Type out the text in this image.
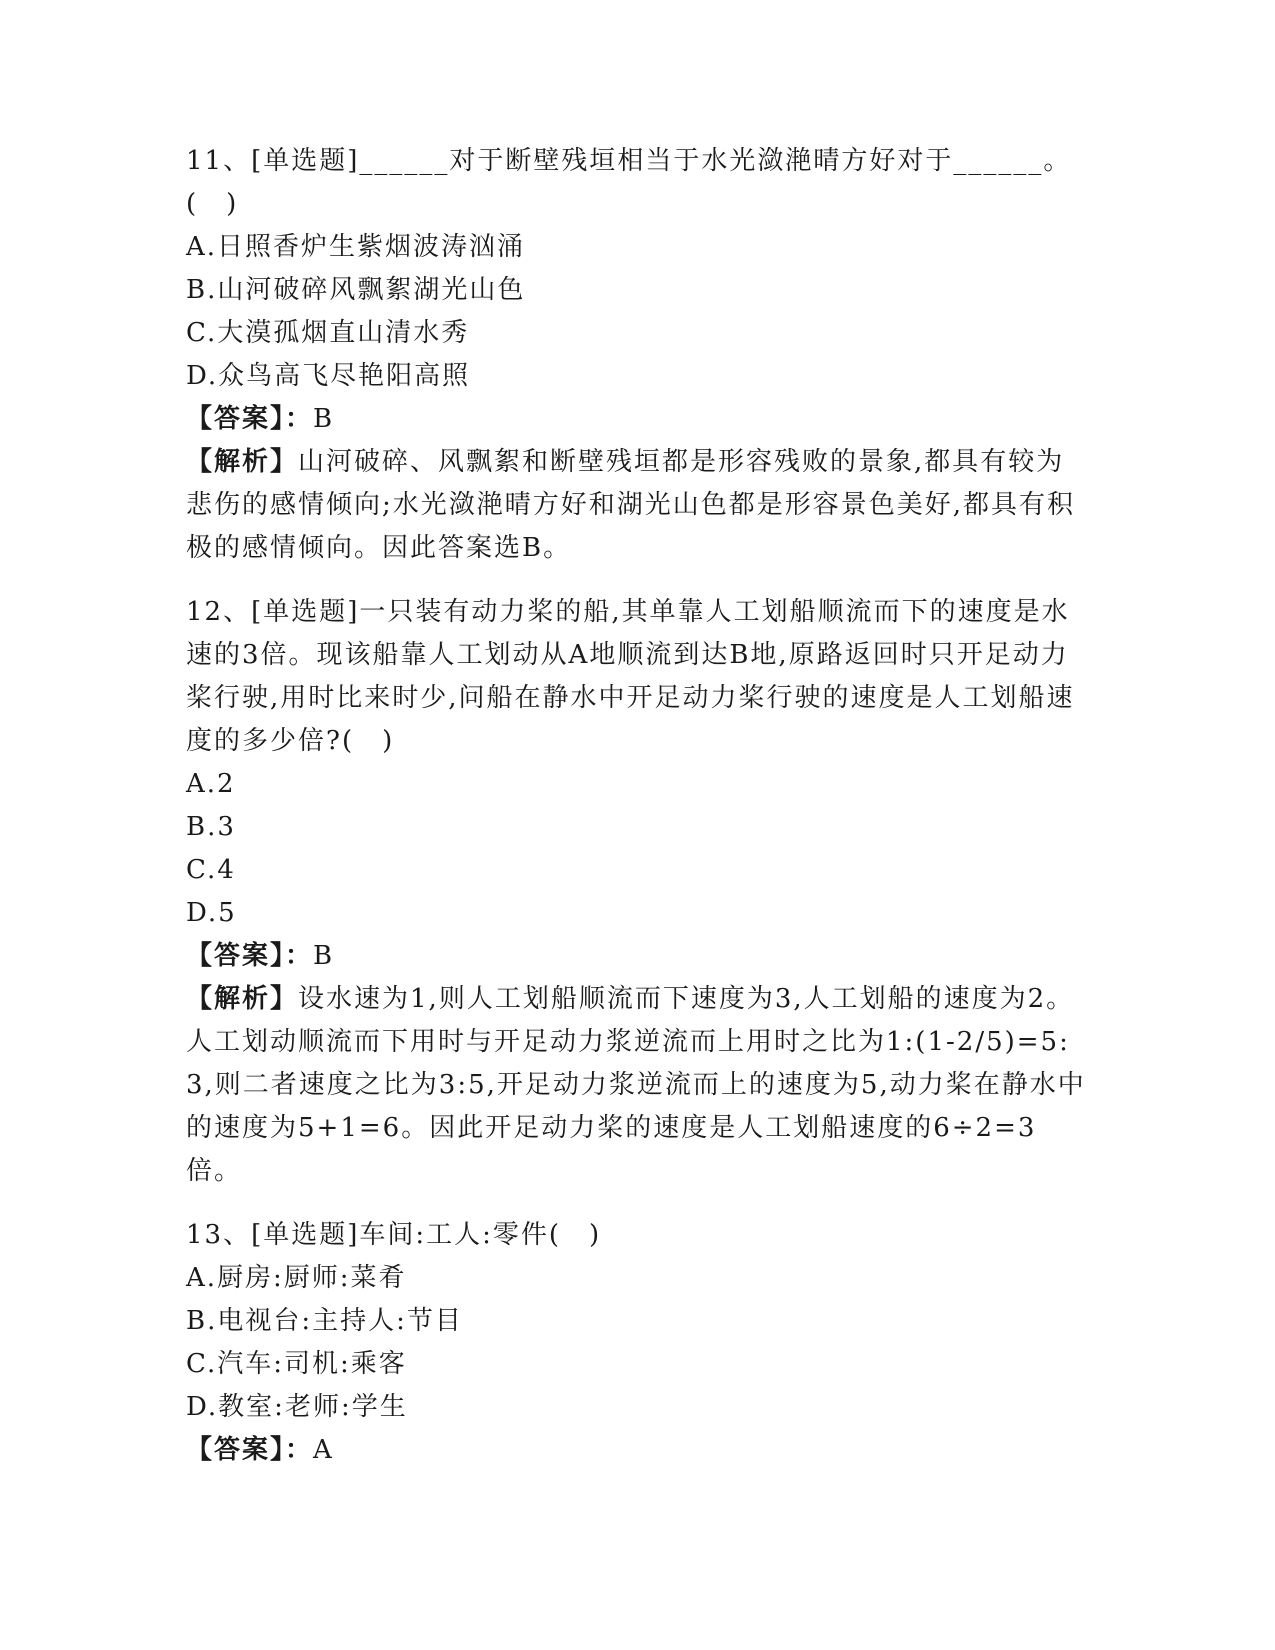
11、[单选题]______对于断壁残垣相当于水光潋滟晴方好对于______。(　)
A.日照香炉生紫烟波涛汹涌
B.山河破碎风飘絮湖光山色
C.大漠孤烟直山清水秀
D.众鸟高飞尽艳阳高照
【答案】：B
【解析】山河破碎、风飘絮和断壁残垣都是形容残败的景象,都具有较为悲伤的感情倾向;水光潋滟晴方好和湖光山色都是形容景色美好,都具有积极的感情倾向。因此答案选B。
12、[单选题]一只装有动力桨的船,其单靠人工划船顺流而下的速度是水速的3倍。现该船靠人工划动从A地顺流到达B地,原路返回时只开足动力桨行驶,用时比来时少,问船在静水中开足动力桨行驶的速度是人工划船速度的多少倍?(　)
A.2
B.3
C.4
D.5
【答案】：B
【解析】设水速为1,则人工划船顺流而下速度为3,人工划船的速度为2。人工划动顺流而下用时与开足动力浆逆流而上用时之比为1:(1-2/5)=5:3,则二者速度之比为3:5,开足动力浆逆流而上的速度为5,动力桨在静水中的速度为5+1=6。因此开足动力桨的速度是人工划船速度的6÷2=3倍。
13、[单选题]车间:工人:零件(　)
A.厨房:厨师:菜肴
B.电视台:主持人:节目
C.汽车:司机:乘客
D.教室:老师:学生
【答案】：A
